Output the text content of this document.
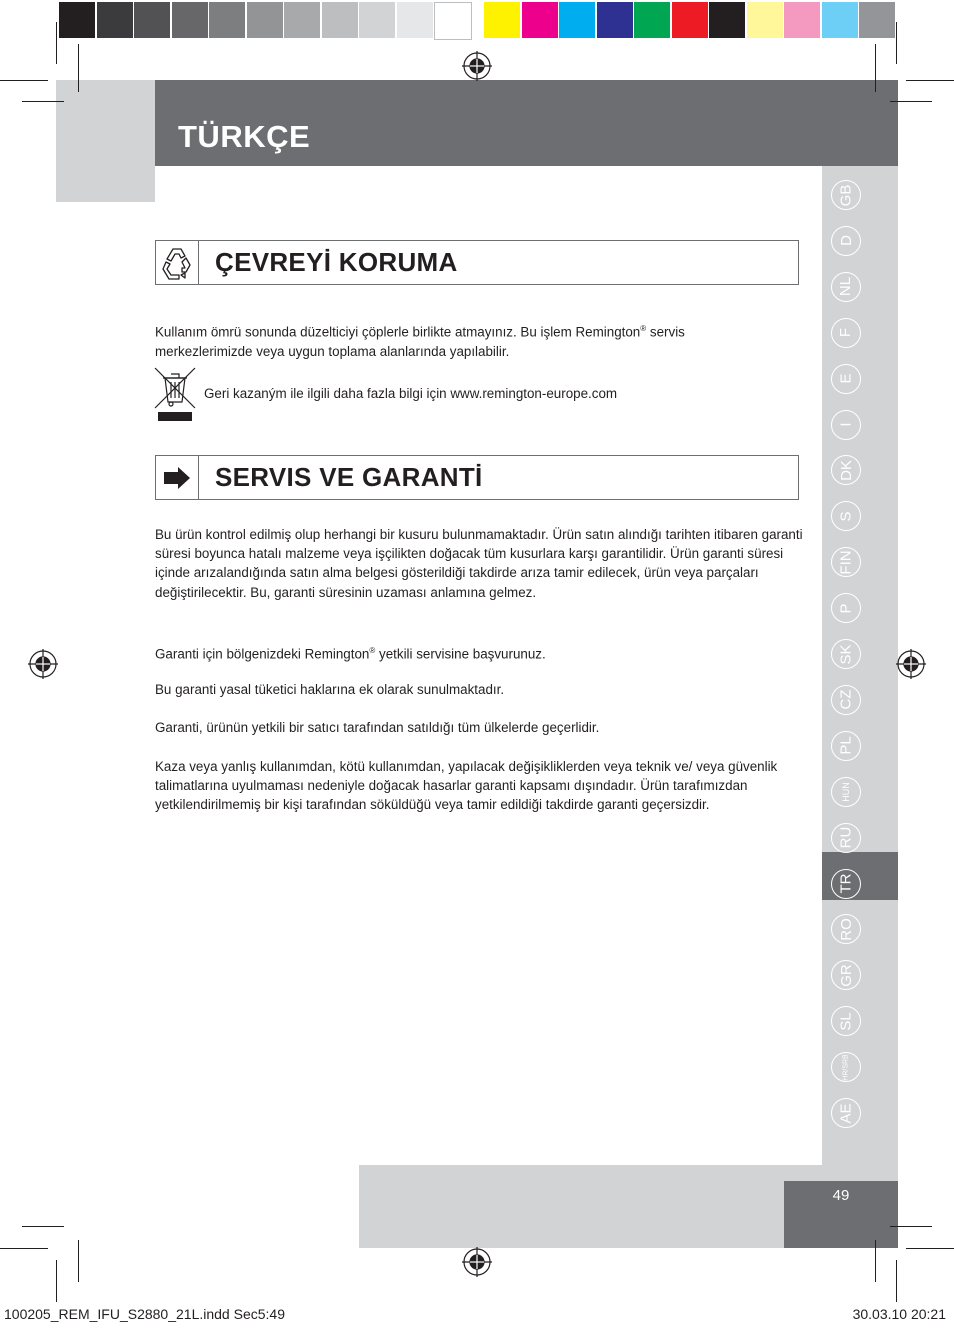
TÜRKÇE
ÇEVREYİ KORUMA

Kullanım ömrü sonunda düzelticiyi çöplerle birlikte atmayınız. Bu işlem Remington® servis
merkezlerimizde veya uygun toplama alanlarında yapılabilir.

Geri kazaným ile ilgili daha fazla bilgi için www.remington-europe.com
SERVIS VE GARANTİ

Bu ürün kontrol edilmiş olup herhangi bir kusuru bulunmamaktadır. Ürün satın alındığı tarihten itibaren garanti süresi boyunca hatalı malzeme veya işçilikten doğacak tüm kusurlara karşı garantilidir. Ürün garanti süresi içinde arızalandığında satın alma belgesi gösterildiği takdirde arıza tamir edilecek, ürün veya parçaları değiştirilecektir. Bu, garanti süresinin uzaması anlamına gelmez.

Garanti için bölgenizdeki Remington® yetkili servisine başvurunuz.

Bu garanti yasal tüketici haklarına ek olarak sunulmaktadır.

Garanti, ürünün yetkili bir satıcı tarafından satıldığı tüm ülkelerde geçerlidir.

Kaza veya yanlış kullanımdan, kötü kullanımdan, yapılacak değişikliklerden veya teknik ve/ veya güvenlik talimatlarına uyulmaması nedeniyle doğacak hasarlar garanti kapsamı dışındadır. Ürün tarafımızdan yetkilendirilmemiş bir kişi tarafından söküldüğü veya tamir edildiği takdirde garanti geçersizdir.

GB
D
NL
F
E
I
DK
S
FIN
P
SK
CZ
PL
HUN
RU
TR
RO
GR
SL
HR/SRB
AE
49
100205_REM_IFU_S2880_21L.indd Sec5:49	30.03.10 20:21
